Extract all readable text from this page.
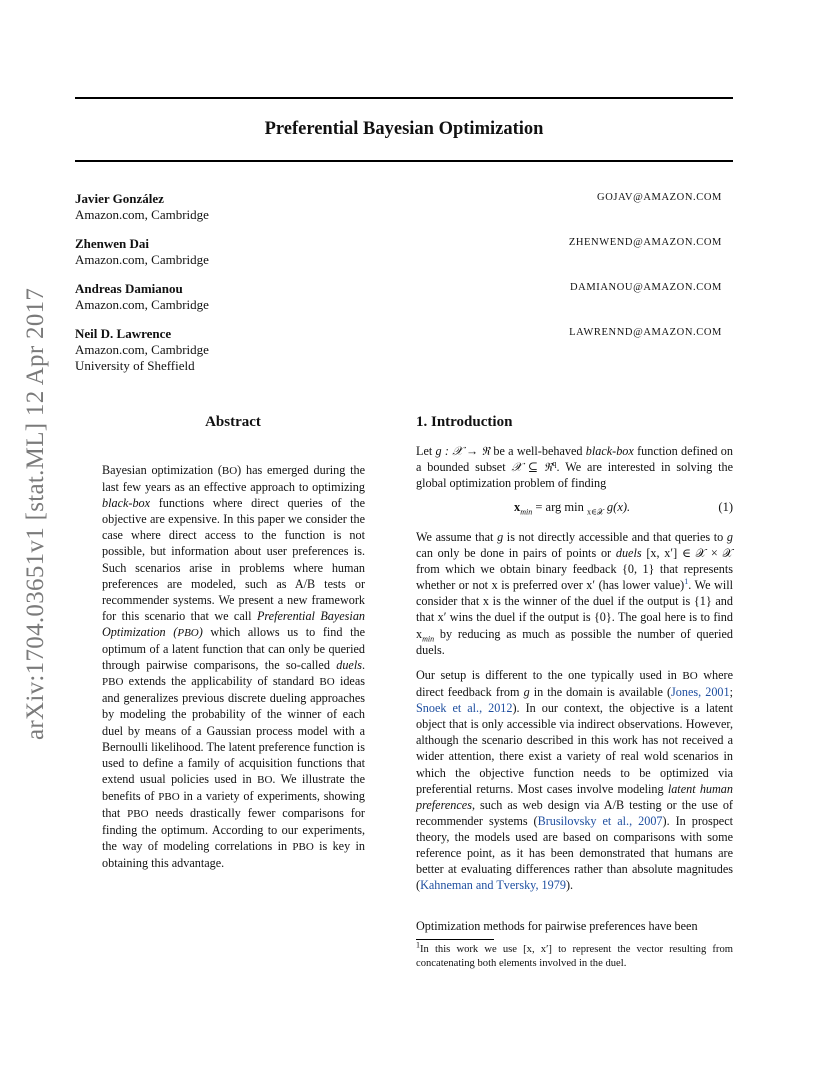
Preferential Bayesian Optimization
arXiv:1704.03651v1 [stat.ML] 12 Apr 2017
Javier González
Amazon.com, Cambridge
GOJAV@AMAZON.COM
Zhenwen Dai
Amazon.com, Cambridge
ZHENWEND@AMAZON.COM
Andreas Damianou
Amazon.com, Cambridge
DAMIANOU@AMAZON.COM
Neil D. Lawrence
Amazon.com, Cambridge
University of Sheffield
LAWRENND@AMAZON.COM
Abstract

Bayesian optimization (BO) has emerged during the last few years as an effective approach to optimizing black-box functions where direct queries of the objective are expensive. In this paper we consider the case where direct access to the function is not possible, but information about user preferences is. Such scenarios arise in problems where human preferences are modeled, such as A/B tests or recommender systems. We present a new framework for this scenario that we call Preferential Bayesian Optimization (PBO) which allows us to find the optimum of a latent function that can only be queried through pairwise comparisons, the so-called duels. PBO extends the applicability of standard BO ideas and generalizes previous discrete dueling approaches by modeling the probability of the winner of each duel by means of a Gaussian process model with a Bernoulli likelihood. The latent preference function is used to define a family of acquisition functions that extend usual policies used in BO. We illustrate the benefits of PBO in a variety of experiments, showing that PBO needs drastically fewer comparisons for finding the optimum. According to our experiments, the way of modeling correlations in PBO is key in obtaining this advantage.

1. Introduction

Let g : 𝒳 → ℜ be a well-behaved black-box function defined on a bounded subset 𝒳 ⊆ ℜ$^q$. We are interested in solving the global optimization problem of finding

$x_{min}$ = arg min $_{x\in 𝒳}$ g(x).	(1)

We assume that g is not directly accessible and that queries to g can only be done in pairs of points or duels [x, x′] ∈ 𝒳 × 𝒳 from which we obtain binary feedback {0, 1} that represents whether or not x is preferred over x′ (has lower value)$^1$. We will consider that x is the winner of the duel if the output is {1} and that x′ wins the duel if the output is {0}. The goal here is to find $x_{min}$ by reducing as much as possible the number of queried duels.

Our setup is different to the one typically used in BO where direct feedback from g in the domain is available (Jones, 2001; Snoek et al., 2012). In our context, the objective is a latent object that is only accessible via indirect observations. However, although the scenario described in this work has not received a wider attention, there exist a variety of real wold scenarios in which the objective function needs to be optimized via preferential returns. Most cases involve modeling latent human preferences, such as web design via A/B testing or the use of recommender systems (Brusilovsky et al., 2007). In prospect theory, the models used are based on comparisons with some reference point, as it has been demonstrated that humans are better at evaluating differences rather than absolute magnitudes (Kahneman and Tversky, 1979).

Optimization methods for pairwise preferences have been

$^1$In this work we use [x, x′] to represent the vector resulting from concatenating both elements involved in the duel.
